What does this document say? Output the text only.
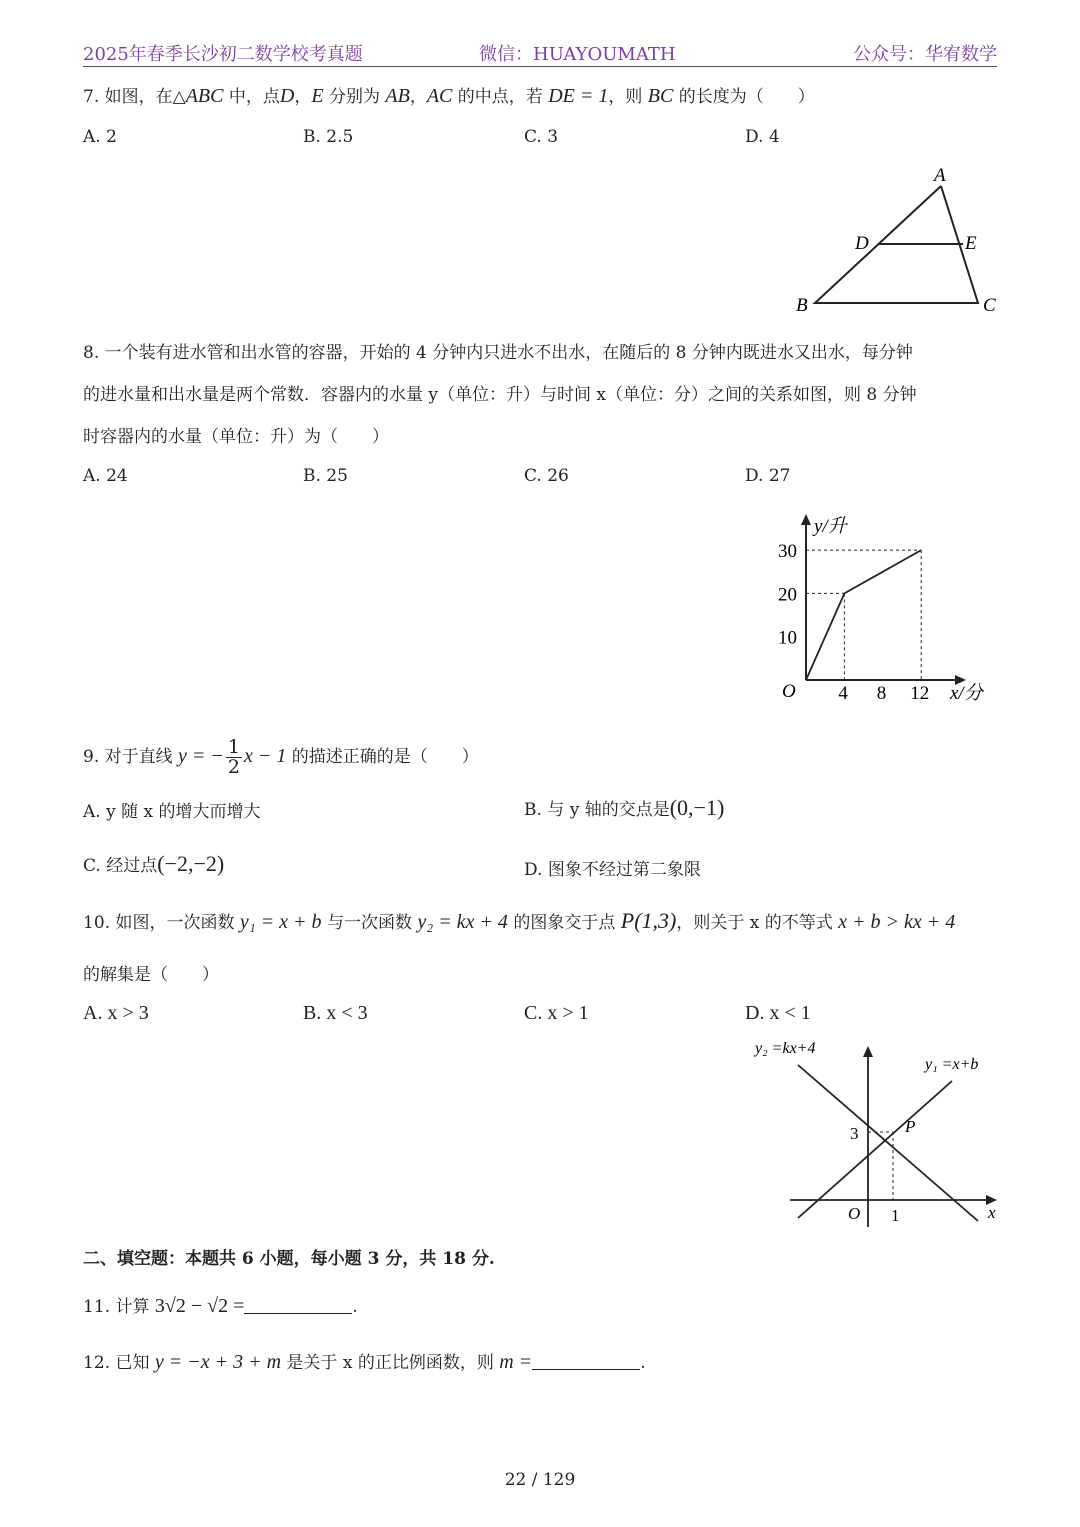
2025年春季长沙初二数学校考真题	微信：HUAYOUMATH	公众号：华宥数学
7. 如图，在△ABC 中，点D，E 分别为 AB，AC 的中点，若 DE = 1，则 BC 的长度为（　　）
A. 2	B. 2.5	C. 3	D. 4
A
D	E
B	C
8. 一个装有进水管和出水管的容器，开始的 4 分钟内只进水不出水，在随后的 8 分钟内既进水又出水，每分钟
的进水量和出水量是两个常数．容器内的水量 y（单位：升）与时间 x（单位：分）之间的关系如图，则 8 分钟
时容器内的水量（单位：升）为（　　）
A. 24	B. 25	C. 26	D. 27
y/升
x/分
O
30
20
10
4 8 12
9. 对于直线 y = − $\frac{1}{2}$ x − 1 的描述正确的是（　　）
A. y 随 x 的增大而增大	B. 与 y 轴的交点是(0,−1)
C. 经过点(−2,−2)	D. 图象不经过第二象限
10. 如图，一次函数 y₁ = x + b 与一次函数 y₂ = kx + 4 的图象交于点 P(1,3)，则关于 x 的不等式 x + b > kx + 4
的解集是（　　）
A. x > 3	B. x < 3	C. x > 1	D. x < 1
y₂ =kx+4
y₁ =x+b
P
3
1
O	x
二、填空题：本题共 6 小题，每小题 3 分，共 18 分.
11. 计算 3√2 − √2 =	.
12. 已知 y = −x + 3 + m 是关于 x 的正比例函数，则 m =	.
22 / 129
